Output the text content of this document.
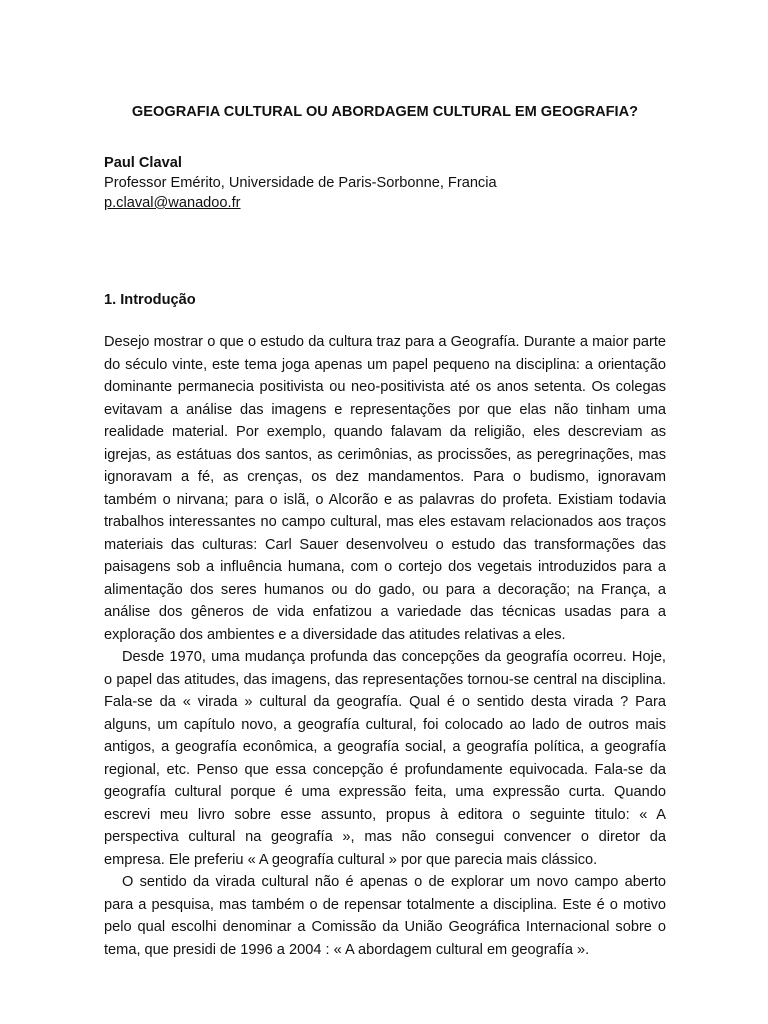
GEOGRAFIA CULTURAL OU ABORDAGEM CULTURAL EM GEOGRAFIA?
Paul Claval
Professor Emérito, Universidade de Paris-Sorbonne, Francia
p.claval@wanadoo.fr
1. Introdução

Desejo mostrar o que o estudo da cultura traz para a Geografía. Durante a maior parte do século vinte, este tema joga apenas um papel pequeno na disciplina: a orientação dominante permanecia positivista ou neo-positivista até os anos setenta. Os colegas evitavam a análise das imagens e representações por que elas não tinham uma realidade material. Por exemplo, quando falavam da religião, eles descreviam as igrejas, as estátuas dos santos, as cerimônias, as procissões, as peregrinações, mas ignoravam a fé, as crenças, os dez mandamentos. Para o budismo, ignoravam também o nirvana; para o islã, o Alcorão e as palavras do profeta. Existiam todavia trabalhos interessantes no campo cultural, mas eles estavam relacionados aos traços materiais das culturas: Carl Sauer desenvolveu o estudo das transformações das paisagens sob a influência humana, com o cortejo dos vegetais introduzidos para a alimentação dos seres humanos ou do gado, ou para a decoração; na França, a análise dos gêneros de vida enfatizou a variedade das técnicas usadas para a exploração dos ambientes e a diversidade das atitudes relativas a eles.

Desde 1970, uma mudança profunda das concepções da geografía ocorreu. Hoje, o papel das atitudes, das imagens, das representações tornou-se central na disciplina. Fala-se da « virada » cultural da geografía. Qual é o sentido desta virada ? Para alguns, um capítulo novo, a geografía cultural, foi colocado ao lado de outros mais antigos, a geografía econômica, a geografía social, a geografía política, a geografía regional, etc. Penso que essa concepção é profundamente equivocada. Fala-se da geografía cultural porque é uma expressão feita, uma expressão curta. Quando escrevi meu livro sobre esse assunto, propus à editora o seguinte titulo: « A perspectiva cultural na geografía », mas não consegui convencer o diretor da empresa. Ele preferiu « A geografía cultural » por que parecia mais clássico.

O sentido da virada cultural não é apenas o de explorar um novo campo aberto para a pesquisa, mas também o de repensar totalmente a disciplina. Este é o motivo pelo qual escolhi denominar a Comissão da União Geográfica Internacional sobre o tema, que presidi de 1996 a 2004 : « A abordagem cultural em geografía ».
